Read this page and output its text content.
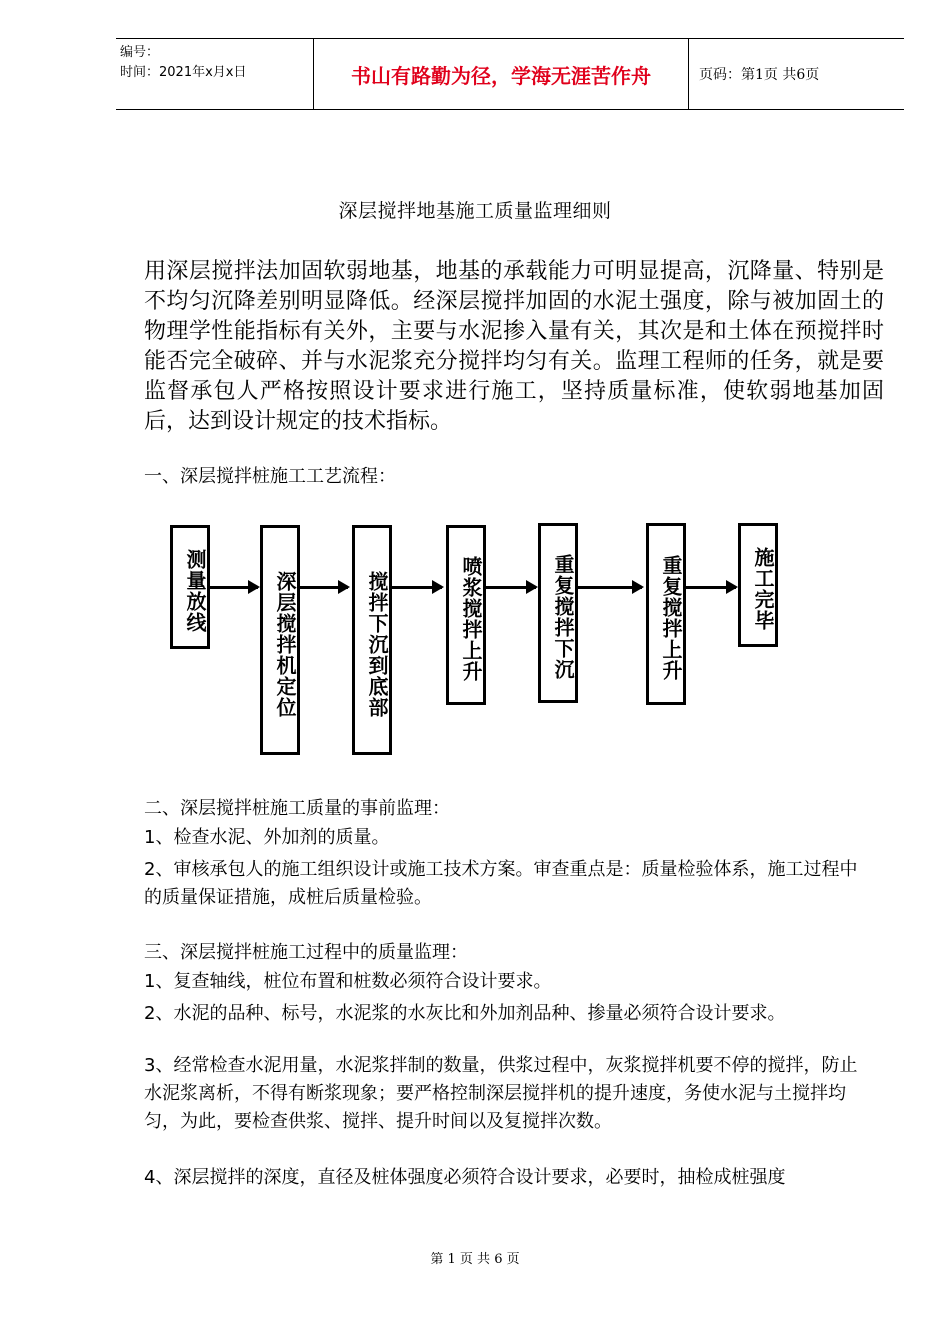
编号：
时间：2021年x月x日	书山有路勤为径，学海无涯苦作舟	页码：第1页 共6页
深层搅拌地基施工质量监理细则
用深层搅拌法加固软弱地基，地基的承载能力可明显提高，沉降量、特别是不均匀沉降差别明显降低。经深层搅拌加固的水泥土强度，除与被加固土的物理学性能指标有关外，主要与水泥掺入量有关，其次是和土体在预搅拌时能否完全破碎、并与水泥浆充分搅拌均匀有关。监理工程师的任务，就是要监督承包人严格按照设计要求进行施工，坚持质量标准，使软弱地基加固后，达到设计规定的技术指标。
一、深层搅拌桩施工工艺流程：
测量放线	深层搅拌机定位	搅拌下沉到底部	喷浆搅拌上升	重复搅拌下沉	重复搅拌上升	施工完毕
二、深层搅拌桩施工质量的事前监理：
1、检查水泥、外加剂的质量。
2、审核承包人的施工组织设计或施工技术方案。审查重点是：质量检验体系，施工过程中的质量保证措施，成桩后质量检验。
三、深层搅拌桩施工过程中的质量监理：
1、复查轴线，桩位布置和桩数必须符合设计要求。
2、水泥的品种、标号，水泥浆的水灰比和外加剂品种、掺量必须符合设计要求。
3、经常检查水泥用量，水泥浆拌制的数量，供浆过程中，灰浆搅拌机要不停的搅拌，防止水泥浆离析，不得有断浆现象；要严格控制深层搅拌机的提升速度，务使水泥与土搅拌均匀，为此，要检查供浆、搅拌、提升时间以及复搅拌次数。
4、深层搅拌的深度，直径及桩体强度必须符合设计要求，必要时，抽检成桩强度
第 1 页 共 6 页
